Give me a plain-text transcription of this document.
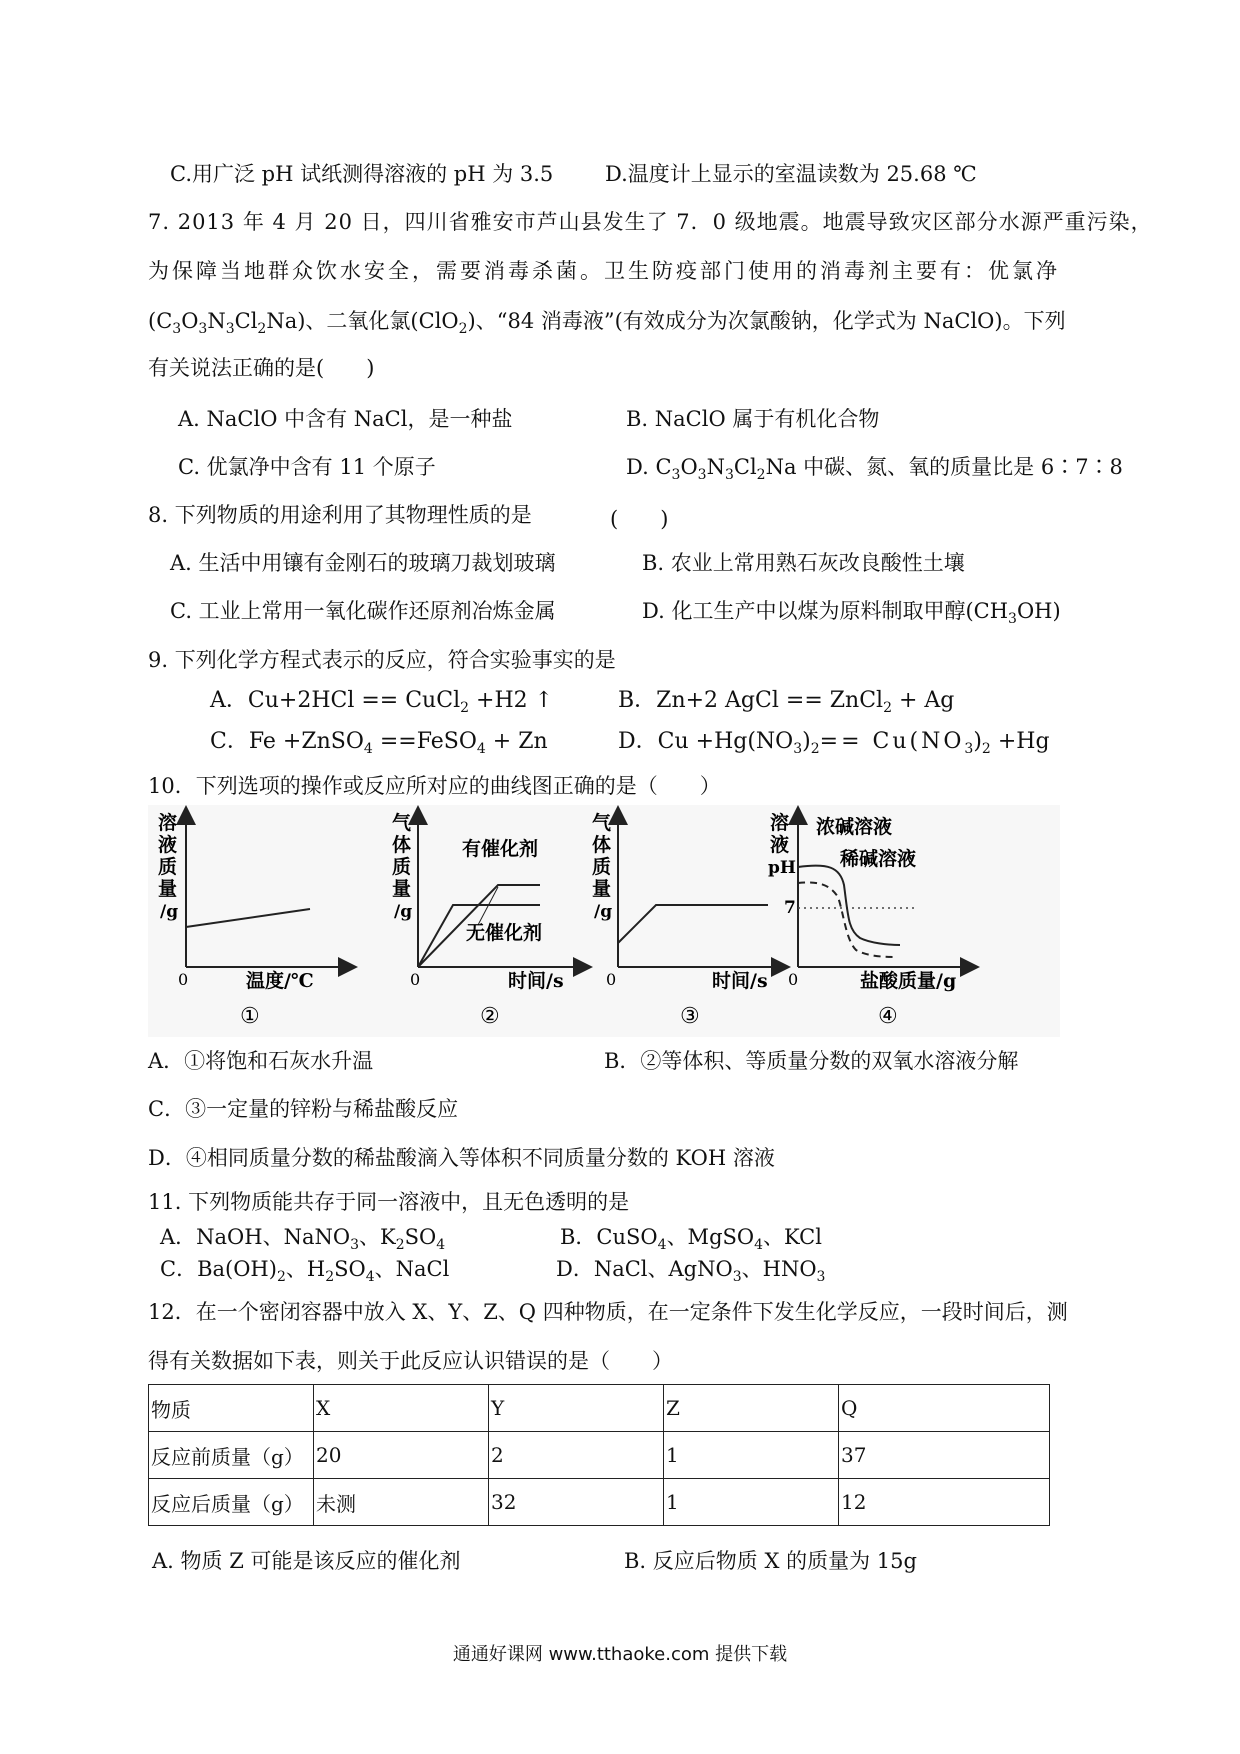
C.用广泛 pH 试纸测得溶液的 pH 为 3.5 D.温度计上显示的室温读数为 25.68 ℃
7. 2013 年 4 月 20 日，四川省雅安市芦山县发生了 7．0 级地震。地震导致灾区部分水源严重污染，
为保障当地群众饮水安全，需要消毒杀菌。卫生防疫部门使用的消毒剂主要有：优氯净
$(C_3O_3N_3Cl_2Na)$、二氧化氯(ClO$_2$)、“84 消毒液”(有效成分为次氯酸钠，化学式为 NaClO)。下列
有关说法正确的是(　　)
A. NaClO 中含有 NaCl，是一种盐	B. NaClO 属于有机化合物
C. 优氯净中含有 11 个原子	D. $C_3O_3N_3Cl_2Na$ 中碳、氮、氧的质量比是 6∶7∶8
8. 下列物质的用途利用了其物理性质的是	(　　)
A. 生活中用镶有金刚石的玻璃刀裁划玻璃	B. 农业上常用熟石灰改良酸性土壤
C. 工业上常用一氧化碳作还原剂冶炼金属	D. 化工生产中以煤为原料制取甲醇$(CH_3OH)$
9. 下列化学方程式表示的反应，符合实验事实的是
A．Cu+2HCl == CuCl$_2$ +H2 ↑	B．Zn+2 AgCl == ZnCl$_2$ + Ag
C．Fe +ZnSO$_4$ ==FeSO$_4$ + Zn	D．$Cu +Hg(NO_3)_2== Cu(NO_3)_2 +Hg$
10．下列选项的操作或反应所对应的曲线图正确的是（　　）
溶
液
质
量
/g
0	温度/℃
①
气
体
质
量
/g
有催化剂
无催化剂
0	时间/s
②
气
体
质
量
/g
0	时间/s
③
溶
液
pH
7
浓碱溶液
稀碱溶液
0	盐酸质量/g
④
A．①将饱和石灰水升温	B．②等体积、等质量分数的双氧水溶液分解
C．③一定量的锌粉与稀盐酸反应
D．④相同质量分数的稀盐酸滴入等体积不同质量分数的 KOH 溶液
11. 下列物质能共存于同一溶液中，且无色透明的是
A．NaOH、NaNO$_3$、$K_2SO_4$	B．CuSO$_4$、MgSO$_4$、KCl
C．$Ba(OH)_2$、$H_2SO_4$、NaCl	D．NaCl、AgNO$_3$、$HNO_3$
12．在一个密闭容器中放入 X、Y、Z、Q 四种物质，在一定条件下发生化学反应，一段时间后，测
得有关数据如下表，则关于此反应认识错误的是（　　）
物质	X	Y	Z	Q
反应前质量（g）	20	2	1	37
反应后质量（g）	未测	32	1	12
A. 物质 Z 可能是该反应的催化剂	B. 反应后物质 X 的质量为 15g
通通好课网 www.tthaoke.com 提供下载
